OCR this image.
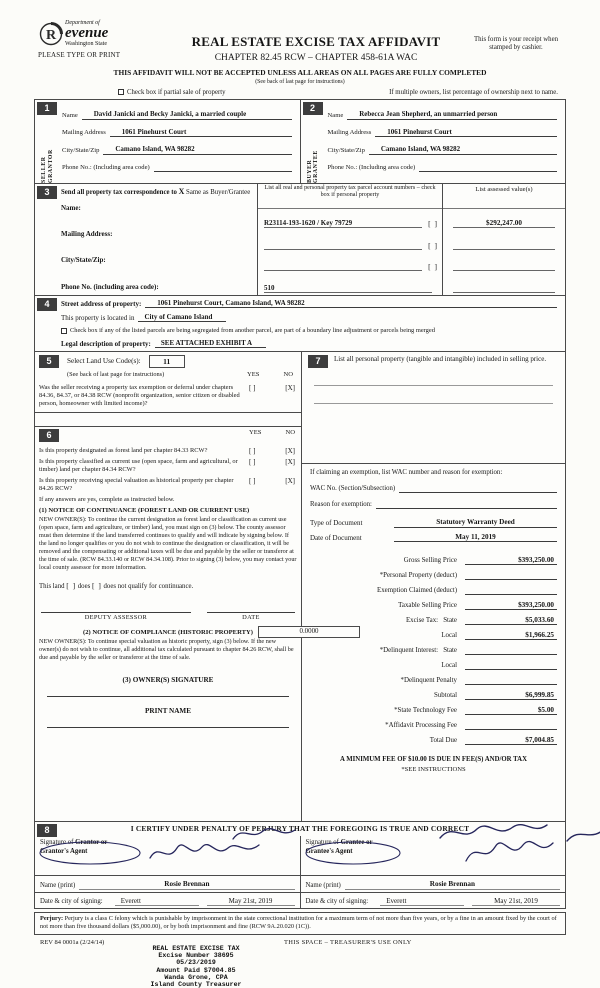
R
Department of
evenue
Washington State
PLEASE TYPE OR PRINT
REAL ESTATE EXCISE TAX AFFIDAVIT
CHAPTER 82.45 RCW – CHAPTER 458-61A WAC
This form is your receipt when stamped by cashier.
THIS AFFIDAVIT WILL NOT BE ACCEPTED UNLESS ALL AREAS ON ALL PAGES ARE FULLY COMPLETED
(See back of last page for instructions)
Check box if partial sale of property	If multiple owners, list percentage of ownership next to name.
1
SELLER GRANTOR
Name	David Janicki and Becky Janicki, a married couple
Mailing Address	1061 Pinehurst Court
City/State/Zip	Camano Island, WA 98282
Phone No.: (Including area code)
2
BUYER GRANTEE
Name	Rebecca Jean Shepherd, an unmarried person
Mailing Address	1061 Pinehurst Court
City/State/Zip	Camano Island, WA 98282
Phone No.: (Including area code)
3	Send all property tax correspondence to X Same as Buyer/Grantee
Name:
Mailing Address:
City/State/Zip:
Phone No. (including area code):
List all real and personal property tax parcel account numbers – check box if personal property
R23114-193-1620 / Key 79729	[ ]
[ ]
[ ]
510
List assessed value(s)
$292,247.00
4	Street address of property:	1061 Pinehurst Court, Camano Island, WA 98282
This property is located in	City of Camano Island
Check box if any of the listed parcels are being segregated from another parcel, are part of a boundary line adjustment or parcels being merged
Legal description of property:	SEE ATTACHED EXHIBIT A
5	Select Land Use Code(s):	11
(See back of last page for instructions)	YES	NO
Was the seller receiving a property tax exemption or deferral under chapters 84.36, 84.37, or 84.38 RCW (nonprofit organization, senior citizen or disabled person, homeowner with limited income)?
[ ]	[X]
6	YES	NO
Is this property designated as forest land per chapter 84.33 RCW?	[ ]	[X]
Is this property classified as current use (open space, farm and agricultural, or timber) land per chapter 84.34 RCW?
[ ]	[X]
Is this property receiving special valuation as historical property per chapter 84.26 RCW?
[ ]	[X]
If any answers are yes, complete as instructed below.
(1) NOTICE OF CONTINUANCE (FOREST LAND OR CURRENT USE)
NEW OWNER(S): To continue the current designation as forest land or classification as current use (open space, farm and agriculture, or timber) land, you must sign on (3) below. The county assessor must then determine if the land transferred continues to qualify and will indicate by signing below. If the land no longer qualifies or you do not wish to continue the designation or classification, it will be removed and the compensating or additional taxes will be due and payable by the seller or transferor at the time of sale. (RCW 84.33.140 or RCW 84.34.108). Prior to signing (3) below, you may contact your local county assessor for more information.
This land [ ] does [ ] does not qualify for continuance.
DEPUTY ASSESSOR	DATE
(2) NOTICE OF COMPLIANCE (HISTORIC PROPERTY)
NEW OWNER(S): To continue special valuation as historic property, sign (3) below. If the new owner(s) do not wish to continue, all additional tax calculated pursuant to chapter 84.26 RCW, shall be due and payable by the seller or transferor at the time of sale.
(3) OWNER(S) SIGNATURE
PRINT NAME
7	List all personal property (tangible and intangible) included in selling price.
If claiming an exemption, list WAC number and reason for exemption:
WAC No. (Section/Subsection)
Reason for exemption:
Type of Document	Statutory Warranty Deed
Date of Document	May 11, 2019
Gross Selling Price	$393,250.00
*Personal Property (deduct)
Exemption Claimed (deduct)
Taxable Selling Price	$393,250.00
Excise Tax:   State	$5,033.60
0.0000
Local	$1,966.25
*Delinquent Interest:   State
Local
*Delinquent Penalty
Subtotal	$6,999.85
*State Technology Fee	$5.00
*Affidavit Processing Fee
Total Due	$7,004.85
A MINIMUM FEE OF $10.00 IS DUE IN FEE(S) AND/OR TAX
*SEE INSTRUCTIONS
8	I CERTIFY UNDER PENALTY OF PERJURY THAT THE FOREGOING IS TRUE AND CORRECT
Signature of Grantor or Grantor's Agent
Name (print)	Rosie Brennan
Date & city of signing:	Everett	May 21st, 2019
Signature of Grantee or Grantee's Agent
Name (print)	Rosie Brennan
Date & city of signing:	Everett	May 21st, 2019
Perjury: Perjury is a class C felony which is punishable by imprisonment in the state correctional institution for a maximum term of not more than five years, or by a fine in an amount fixed by the court of not more than five thousand dollars ($5,000.00), or by both imprisonment and fine (RCW 9A.20.020 (1C)).
REV 84 0001a (2/24/14)	THIS SPACE – TREASURER'S USE ONLY
REAL ESTATE EXCISE TAX
Excise Number 38695
05/23/2019
Amount Paid $7004.85
Wanda Grone, CPA
Island County Treasurer
